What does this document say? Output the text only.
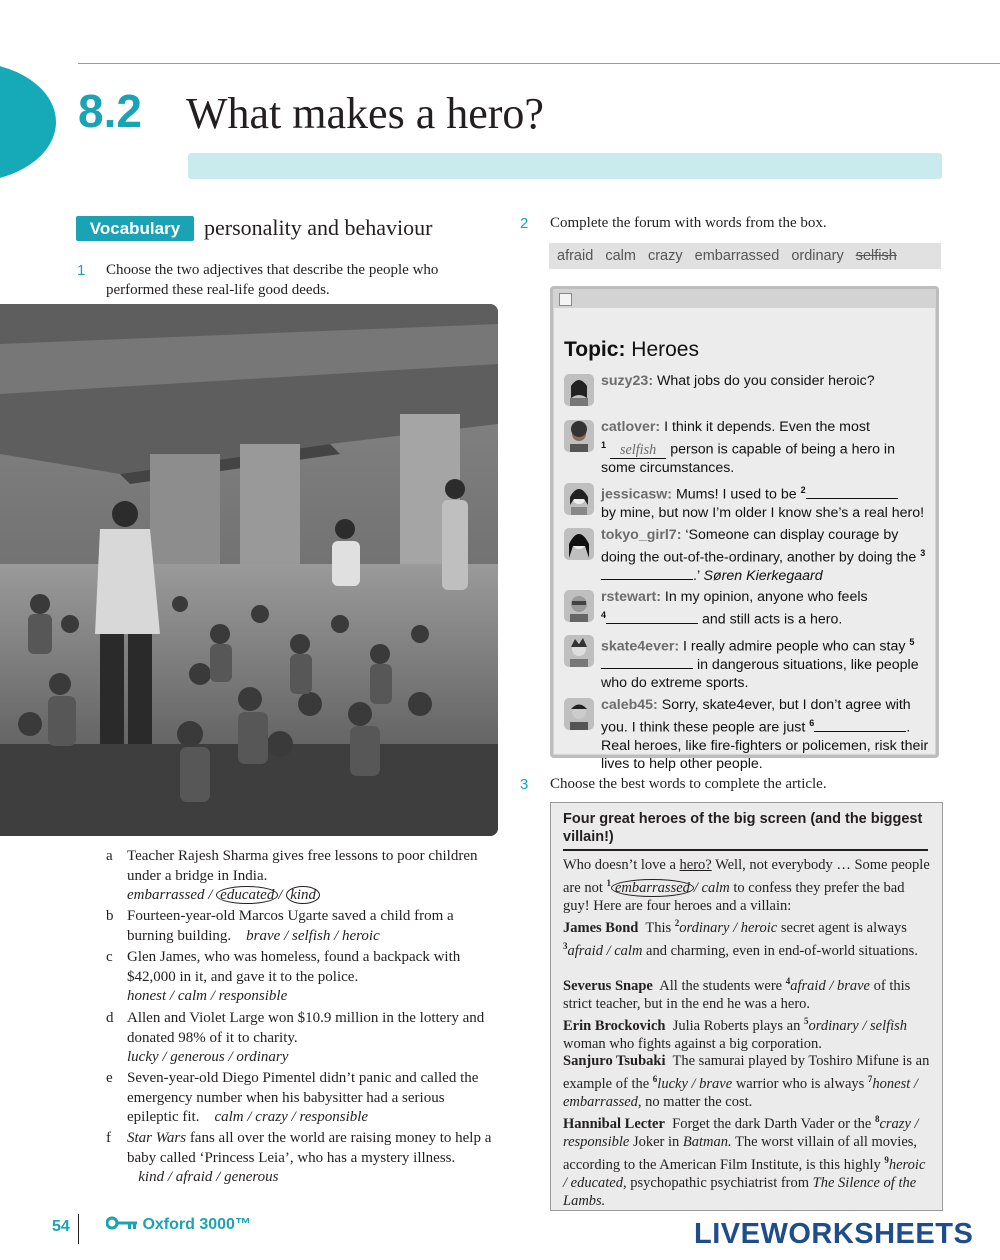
8.2 What makes a hero?
Vocabulary	personality and behaviour
1 Choose the two adjectives that describe the people who performed these real-life good deeds.
a Teacher Rajesh Sharma gives free lessons to poor children under a bridge in India.
embarrassed / educated / kind
b Fourteen-year-old Marcos Ugarte saved a child from a burning building. brave / selfish / heroic
c Glen James, who was homeless, found a backpack with $42,000 in it, and gave it to the police.
honest / calm / responsible
d Allen and Violet Large won $10.9 million in the lottery and donated 98% of it to charity.
lucky / generous / ordinary
e Seven-year-old Diego Pimentel didn’t panic and called the emergency number when his babysitter had a serious epileptic fit. calm / crazy / responsible
f Star Wars fans all over the world are raising money to help a baby called ‘Princess Leia’, who has a mystery illness.    kind / afraid / generous
2 Complete the forum with words from the box.
afraid calm crazy embarrassed ordinary selfish
Topic: Heroes
suzy23: What jobs do you consider heroic?
catlover: I think it depends. Even the most
$^1$ selfish person is capable of being a hero in some circumstances.
jessicasw: Mums! I used to be $^2$
by mine, but now I’m older I know she’s a real hero!
tokyo_girl7: ‘Someone can display courage by doing the out-of-the-ordinary, another by doing the $^3$.’ Søren Kierkegaard
rstewart: In my opinion, anyone who feels
$^4$	and still acts is a hero.
skate4ever: I really admire people who can stay $^5$ in dangerous situations, like people who do extreme sports.
caleb45: Sorry, skate4ever, but I don’t agree with you. I think these people are just $^6$	. Real heroes, like fire-fighters or policemen, risk their lives to help other people.
3 Choose the best words to complete the article.
Four great heroes of the big screen (and the biggest villain!)
Who doesn’t love a hero? Well, not everybody … Some people are not $^1$ embarrassed / calm to confess they prefer the bad guy! Here are four heroes and a villain:
James Bond This $^2$ordinary / heroic secret agent is always $^3$afraid / calm and charming, even in end-of-world situations.
Severus Snape All the students were $^4$afraid / brave of this strict teacher, but in the end he was a hero.
Erin Brockovich Julia Roberts plays an $^5$ordinary / selfish woman who fights against a big corporation.
Sanjuro Tsubaki The samurai played by Toshiro Mifune is an example of the $^6$lucky / brave warrior who is always $^7$honest / embarrassed, no matter the cost.
Hannibal Lecter Forget the dark Darth Vader or the $^8$crazy / responsible Joker in Batman. The worst villain of all movies, according to the American Film Institute, is this highly $^9$heroic / educated, psychopathic psychiatrist from The Silence of the Lambs.
54	Oxford 3000™	LIVEWORKSHEETS
